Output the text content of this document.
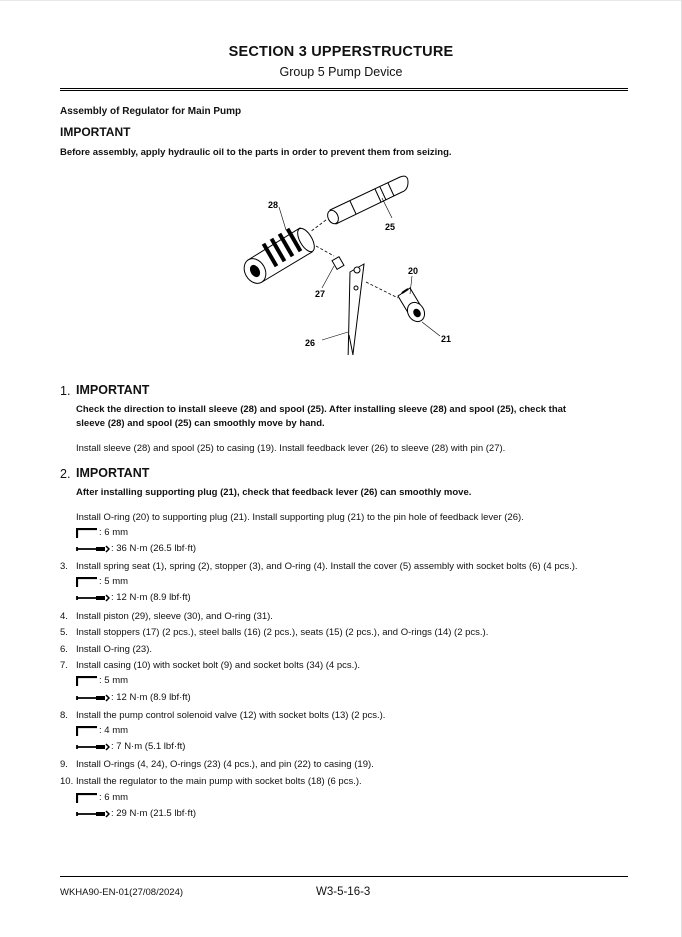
SECTION 3 UPPERSTRUCTURE
Group 5 Pump Device
Assembly of Regulator for Main Pump
IMPORTANT
Before assembly, apply hydraulic oil to the parts in order to prevent them from seizing.
28
25
20
27
26	21
1. IMPORTANT
Check the direction to install sleeve (28) and spool (25). After installing sleeve (28) and spool (25), check that
sleeve (28) and spool (25) can smoothly move by hand.
Install sleeve (28) and spool (25) to casing (19). Install feedback lever (26) to sleeve (28) with pin (27).
2. IMPORTANT
After installing supporting plug (21), check that feedback lever (26) can smoothly move.
Install O-ring (20) to supporting plug (21). Install supporting plug (21) to the pin hole of feedback lever (26).
: 6 mm
: 36 N·m (26.5 lbf·ft)
3. Install spring seat (1), spring (2), stopper (3), and O-ring (4). Install the cover (5) assembly with socket bolts (6) (4 pcs.).
: 5 mm
: 12 N·m (8.9 lbf·ft)
4. Install piston (29), sleeve (30), and O-ring (31).
5. Install stoppers (17) (2 pcs.), steel balls (16) (2 pcs.), seats (15) (2 pcs.), and O-rings (14) (2 pcs.).
6. Install O-ring (23).
7. Install casing (10) with socket bolt (9) and socket bolts (34) (4 pcs.).
: 5 mm
: 12 N·m (8.9 lbf·ft)
8. Install the pump control solenoid valve (12) with socket bolts (13) (2 pcs.).
: 4 mm
: 7 N·m (5.1 lbf·ft)
9. Install O-rings (4, 24), O-rings (23) (4 pcs.), and pin (22) to casing (19).
10. Install the regulator to the main pump with socket bolts (18) (6 pcs.).
: 6 mm
: 29 N·m (21.5 lbf·ft)
WKHA90-EN-01(27/08/2024)	W3-5-16-3
